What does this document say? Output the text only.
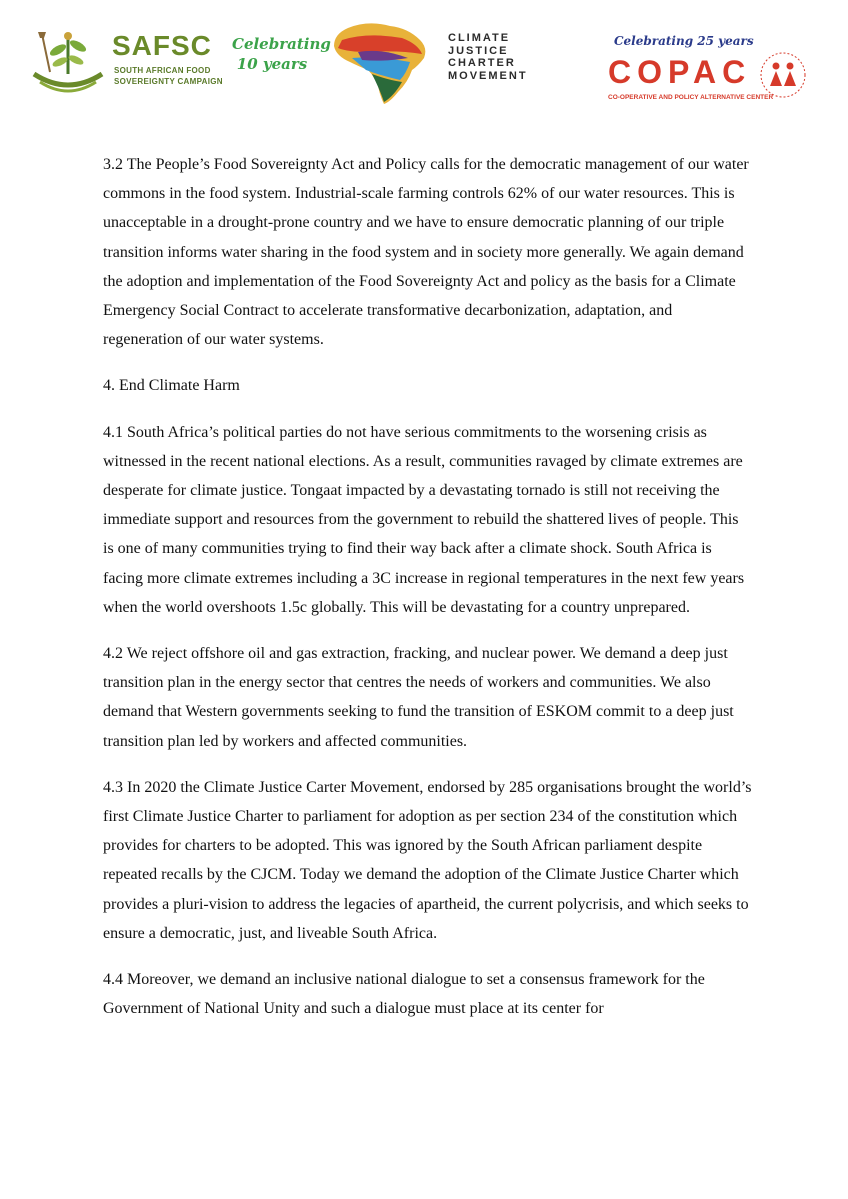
SAFSC
SOUTH AFRICAN FOOD
SOVEREIGNTY CAMPAIGN
Celebrating 10 years
CLIMATE
JUSTICE
CHARTER
MOVEMENT
Celebrating 25 years
COPAC
CO-OPERATIVE AND POLICY ALTERNATIVE CENTER

3.2 The People’s Food Sovereignty Act and Policy calls for the democratic management of our water commons in the food system. Industrial-scale farming controls 62% of our water resources. This is unacceptable in a drought-prone country and we have to ensure democratic planning of our triple transition informs water sharing in the food system and in society more generally. We again demand the adoption and implementation of the Food Sovereignty Act and policy as the basis for a Climate Emergency Social Contract to accelerate transformative decarbonization, adaptation, and regeneration of our water systems.

4. End Climate Harm

4.1 South Africa’s political parties do not have serious commitments to the worsening crisis as witnessed in the recent national elections. As a result, communities ravaged by climate extremes are desperate for climate justice. Tongaat impacted by a devastating tornado is still not receiving the immediate support and resources from the government to rebuild the shattered lives of people. This is one of many communities trying to find their way back after a climate shock. South Africa is facing more climate extremes including a 3C increase in regional temperatures in the next few years when the world overshoots 1.5c globally. This will be devastating for a country unprepared.

4.2 We reject offshore oil and gas extraction, fracking, and nuclear power. We demand a deep just transition plan in the energy sector that centres the needs of workers and communities. We also demand that Western governments seeking to fund the transition of ESKOM commit to a deep just transition plan led by workers and affected communities.

4.3 In 2020 the Climate Justice Carter Movement, endorsed by 285 organisations brought the world’s first Climate Justice Charter to parliament for adoption as per section 234 of the constitution which provides for charters to be adopted. This was ignored by the South African parliament despite repeated recalls by the CJCM. Today we demand the adoption of the Climate Justice Charter which provides a pluri-vision to address the legacies of apartheid, the current polycrisis, and which seeks to ensure a democratic, just, and liveable South Africa.

4.4 Moreover, we demand an inclusive national dialogue to set a consensus framework for the Government of National Unity and such a dialogue must place at its center for
